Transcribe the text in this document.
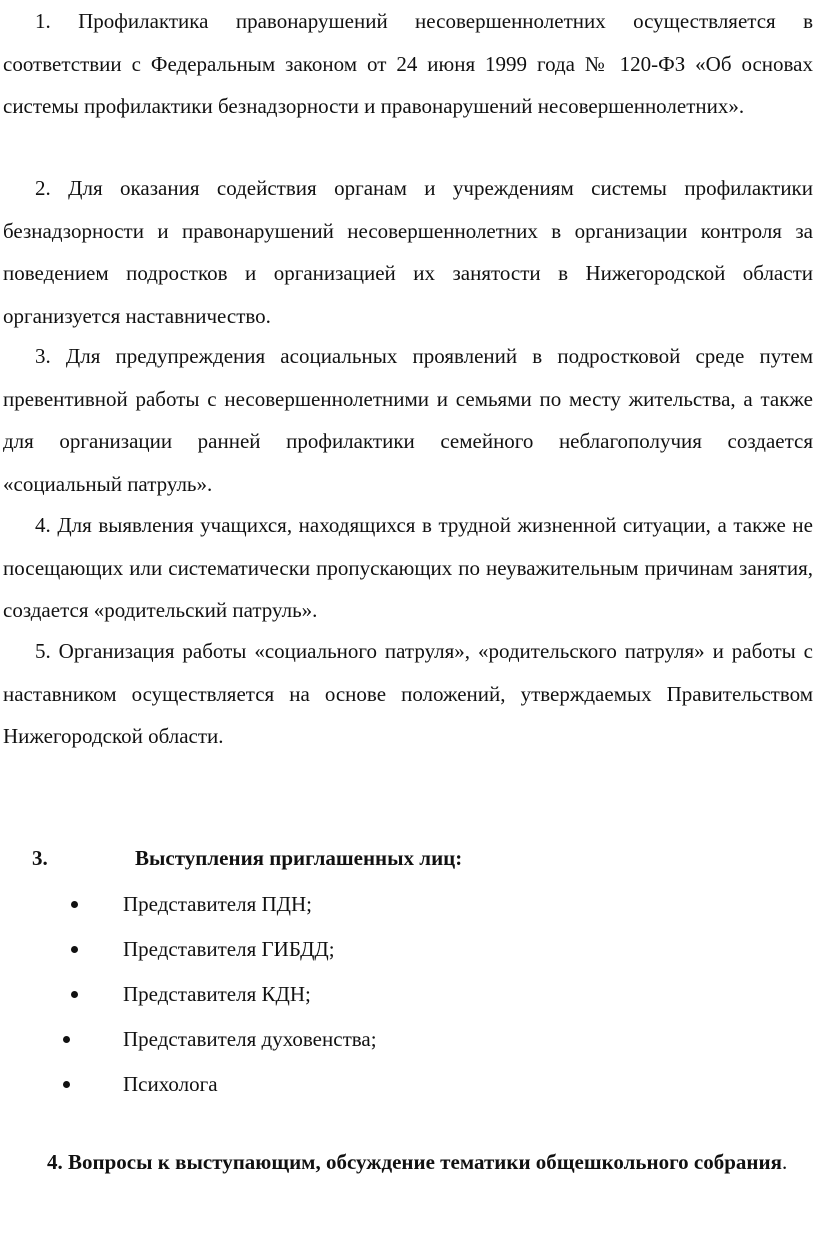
1. Профилактика правонарушений несовершеннолетних осуществляется в соответствии с Федеральным законом от 24 июня 1999 года № 120-ФЗ «Об основах системы профилактики безнадзорности и правонарушений несовершеннолетних».

2. Для оказания содействия органам и учреждениям системы профилактики безнадзорности и правонарушений несовершеннолетних в организации контроля за поведением подростков и организацией их занятости в Нижегородской области организуется наставничество.

3. Для предупреждения асоциальных проявлений в подростковой среде путем превентивной работы с несовершеннолетними и семьями по месту жительства, а также для организации ранней профилактики семейного неблагополучия создается «социальный патруль».

4. Для выявления учащихся, находящихся в трудной жизненной ситуации, а также не посещающих или систематически пропускающих по неуважительным причинам занятия, создается «родительский патруль».

5. Организация работы «социального патруля», «родительского патруля» и работы с наставником осуществляется на основе положений, утверждаемых Правительством Нижегородской области.

3.	Выступления приглашенных лиц:
Представителя ПДН;
Представителя ГИБДД;
Представителя КДН;
Представителя духовенства;
Психолога

4. Вопросы к выступающим, обсуждение тематики общешкольного собрания.
